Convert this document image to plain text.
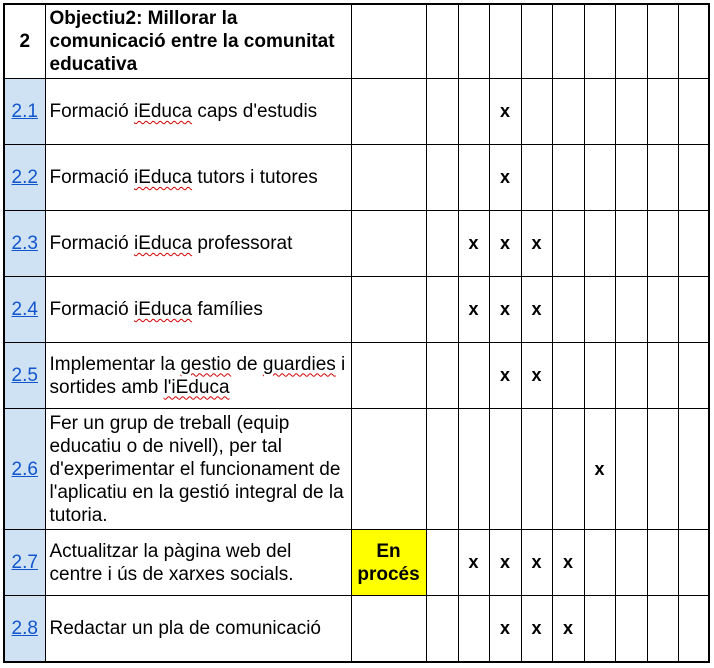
2	Objectiu2: Millorar la comunicació entre la comunitat educativa										
2.1	Formació iEduca caps d'estudis				x						
2.2	Formació iEduca tutors i tutores				x						
2.3	Formació iEduca professorat			x	x	x					
2.4	Formació iEduca famílies			x	x	x					
2.5	Implementar la gestio de guardies i sortides amb l'iEduca				x	x					
2.6	Fer un grup de treball (equip educatiu o de nivell), per tal d'experimentar el funcionament de l'aplicatiu en la gestió integral de la tutoria.							x			
2.7	Actualitzar la pàgina web del centre i ús de xarxes socials.	En procés		x	x	x	x				
2.8	Redactar un pla de comunicació				x	x	x				
